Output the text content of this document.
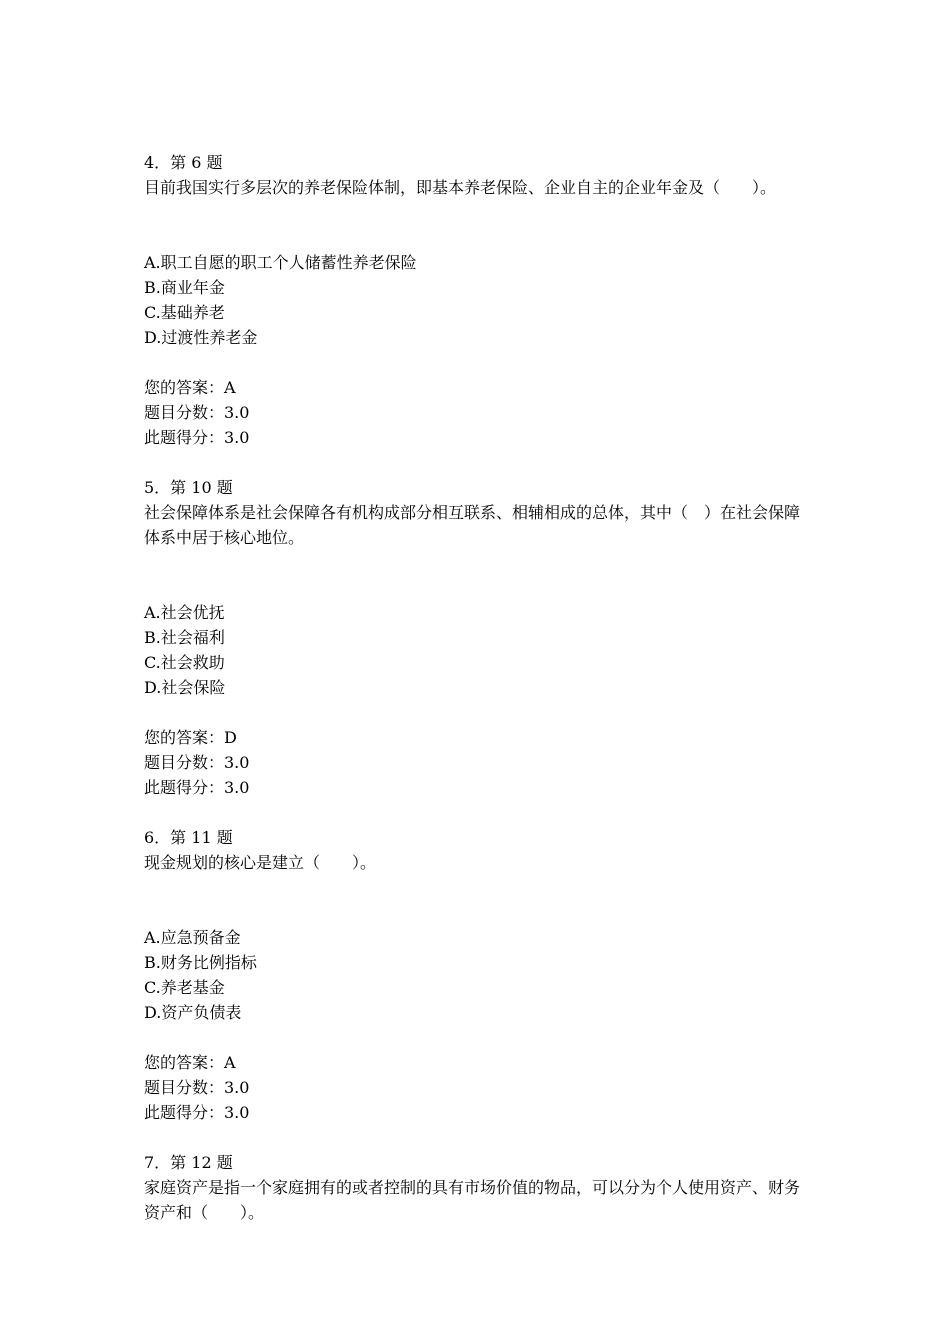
4．第 6 题

目前我国实行多层次的养老保险体制，即基本养老保险、企业自主的企业年金及（　　）。

A.职工自愿的职工个人储蓄性养老保险

B.商业年金

C.基础养老

D.过渡性养老金

您的答案：A

题目分数：3.0

此题得分：3.0

5．第 10 题

社会保障体系是社会保障各有机构成部分相互联系、相辅相成的总体，其中（　）在社会保障体系中居于核心地位。

A.社会优抚

B.社会福利

C.社会救助

D.社会保险

您的答案：D

题目分数：3.0

此题得分：3.0

6．第 11 题

现金规划的核心是建立（　　）。

A.应急预备金

B.财务比例指标

C.养老基金

D.资产负债表

您的答案：A

题目分数：3.0

此题得分：3.0

7．第 12 题

家庭资产是指一个家庭拥有的或者控制的具有市场价值的物品，可以分为个人使用资产、财务资产和（　　）。
